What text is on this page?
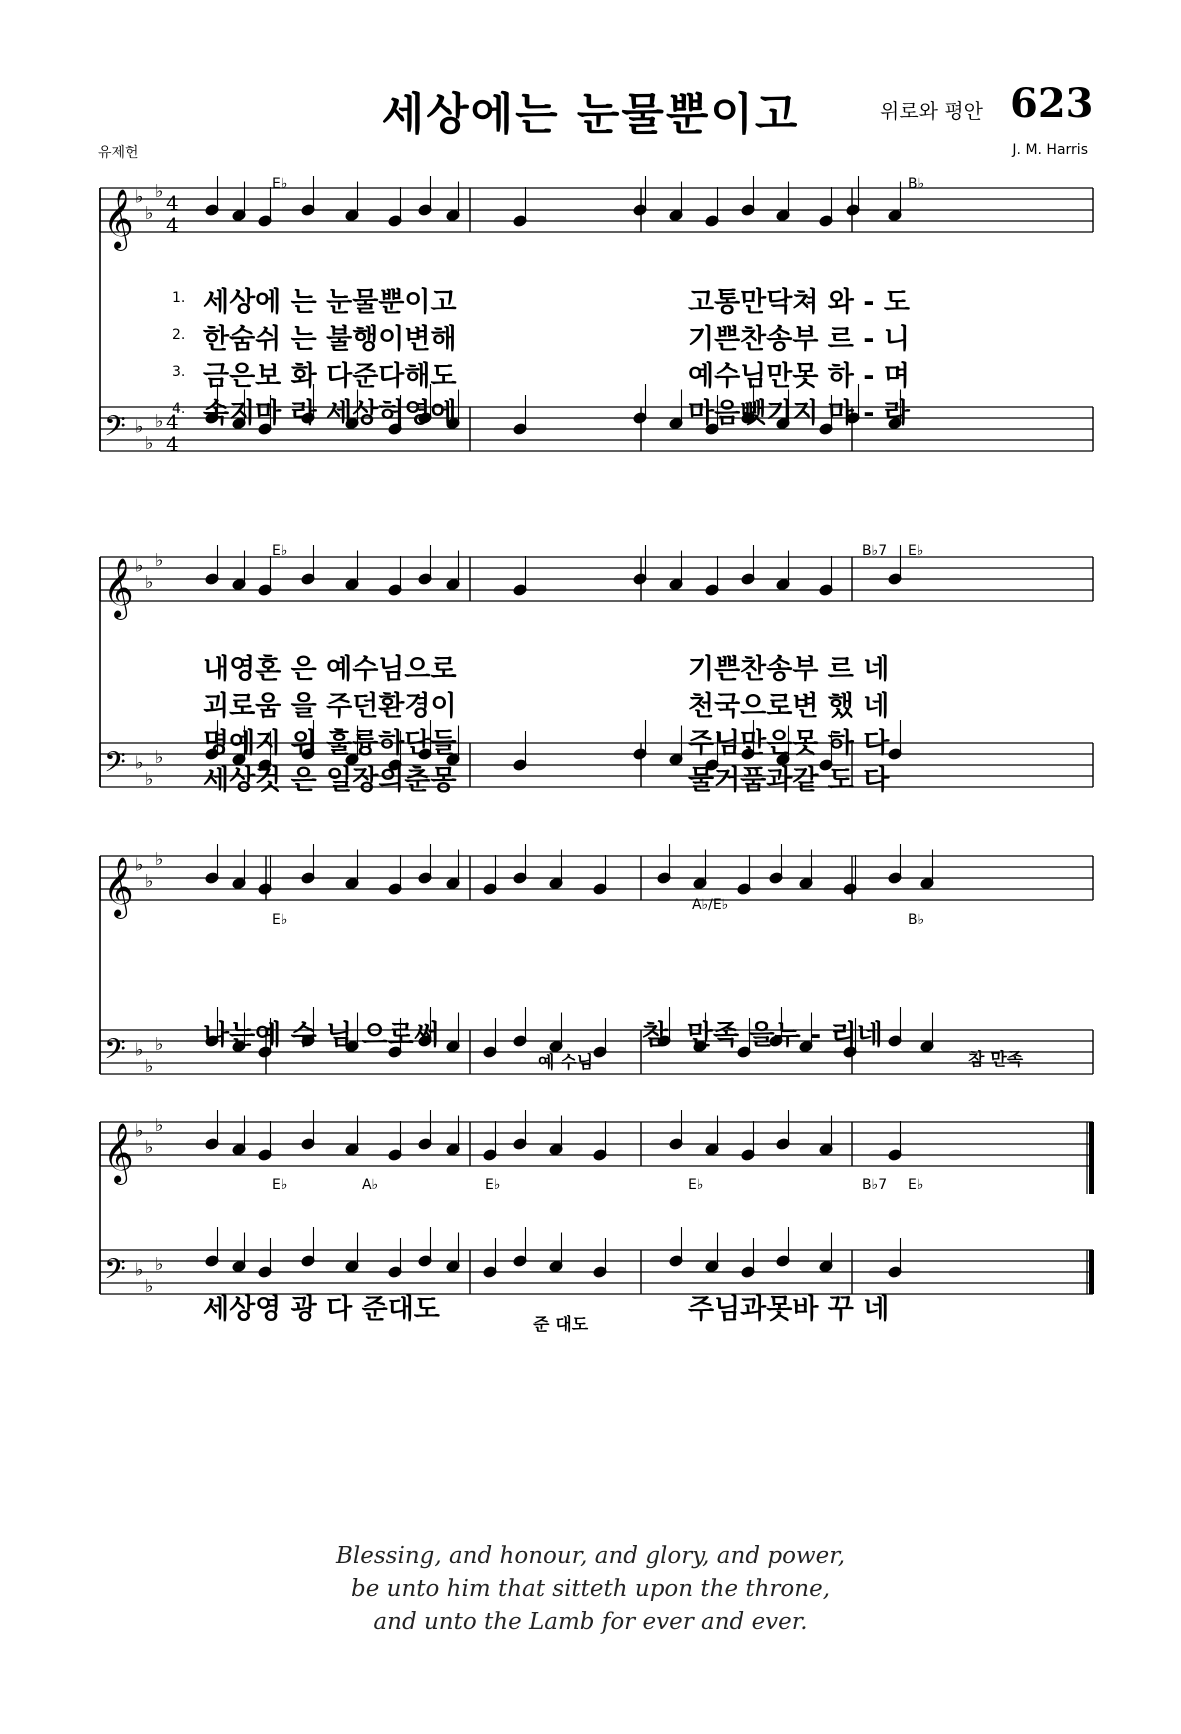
세상에는 눈물뿐이고	위로와 평안 623
유제헌	J. M. Harris
𝄞
𝄢
♭
♭
♭
♭
♭
♭
4
4
4
4
𝄞
𝄢
♭
♭
♭
♭
♭
♭
𝄞
𝄢
♭
♭
♭
♭
♭
♭
𝄞
𝄢
♭
♭
♭
♭
♭
♭
E♭	B♭
E♭	B♭7 E♭
E♭
A♭/E♭
B♭
E♭	A♭	E♭	E♭	B♭7 E♭
1.
2.
3.
4.
세상에 는 눈물뿐이고	고통만닥쳐 와 - 도
한숨쉬 는 불행이변해	기쁜찬송부 르 - 니
금은보 화 다준다해도	예수님만못 하 - 며
속지마 라 세상허영에	마음뺏기지 마 - 라
내영혼 은 예수님으로	기쁜찬송부 르 네
괴로움 을 주던환경이	천국으로변 했 네
명예지 위 훌륭하단들	주님만은못 하 다
세상것 은 일장의춘몽	물거품과같 도 다
나는예 수 님 으로써	참  만족 을누 - 리네
예 수님	참 만족
세상영 광 다 준대도	주님과못바 꾸 네
준 대도
Blessing, and honour, and glory, and power,
be unto him that sitteth upon the throne,
and unto the Lamb for ever and ever.
